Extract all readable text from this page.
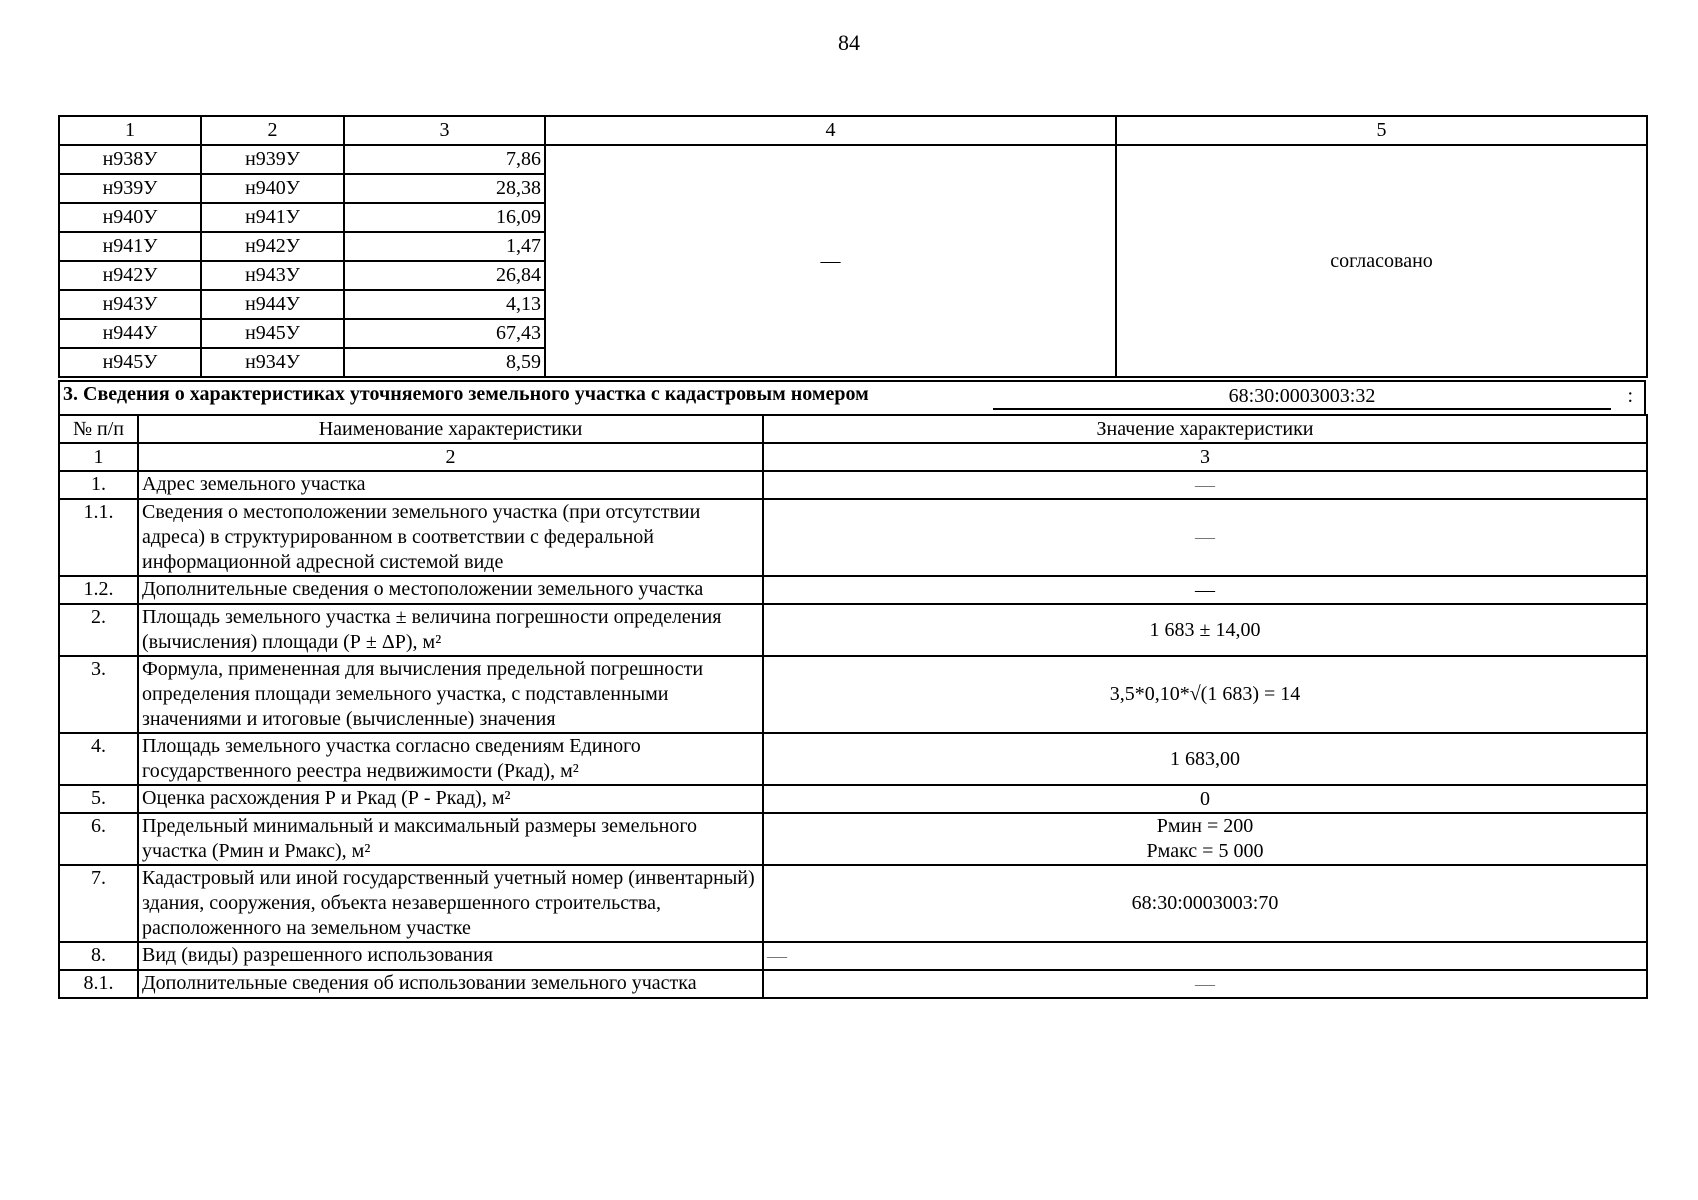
84
1	2	3	4	5
н938У	н939У	7,86	—	согласовано
н939У	н940У	28,38		
н940У	н941У	16,09		
н941У	н942У	1,47		
н942У	н943У	26,84		
н943У	н944У	4,13		
н944У	н945У	67,43		
н945У	н934У	8,59		
3. Сведения о характеристиках уточняемого земельного участка с кадастровым номером	68:30:0003003:32	:
№ п/п	Наименование характеристики	Значение характеристики
1	2	3
1.	Адрес земельного участка	—
1.1.	Сведения о местоположении земельного участка (при отсутствии адреса) в структурированном в соответствии с федеральной информационной адресной системой виде	—
1.2.	Дополнительные сведения о местоположении земельного участка	—
2.	Площадь земельного участка ± величина погрешности определения (вычисления) площади (Р ± ΔР), м²	1 683 ± 14,00
3.	Формула, примененная для вычисления предельной погрешности определения площади земельного участка, с подставленными значениями и итоговые (вычисленные) значения	3,5*0,10*√(1 683) = 14
4.	Площадь земельного участка согласно сведениям Единого государственного реестра недвижимости (Ркад), м²	1 683,00
5.	Оценка расхождения Р и Ркад (Р - Ркад), м²	0
6.	Предельный минимальный и максимальный размеры земельного участка (Рмин и Рмакс), м²	Рмин = 200
Рмакс = 5 000

7.	Кадастровый или иной государственный учетный номер (инвентарный) здания, сооружения, объекта незавершенного строительства, расположенного на земельном участке	68:30:0003003:70
8.	Вид (виды) разрешенного использования	—
8.1.	Дополнительные сведения об использовании земельного участка	—
